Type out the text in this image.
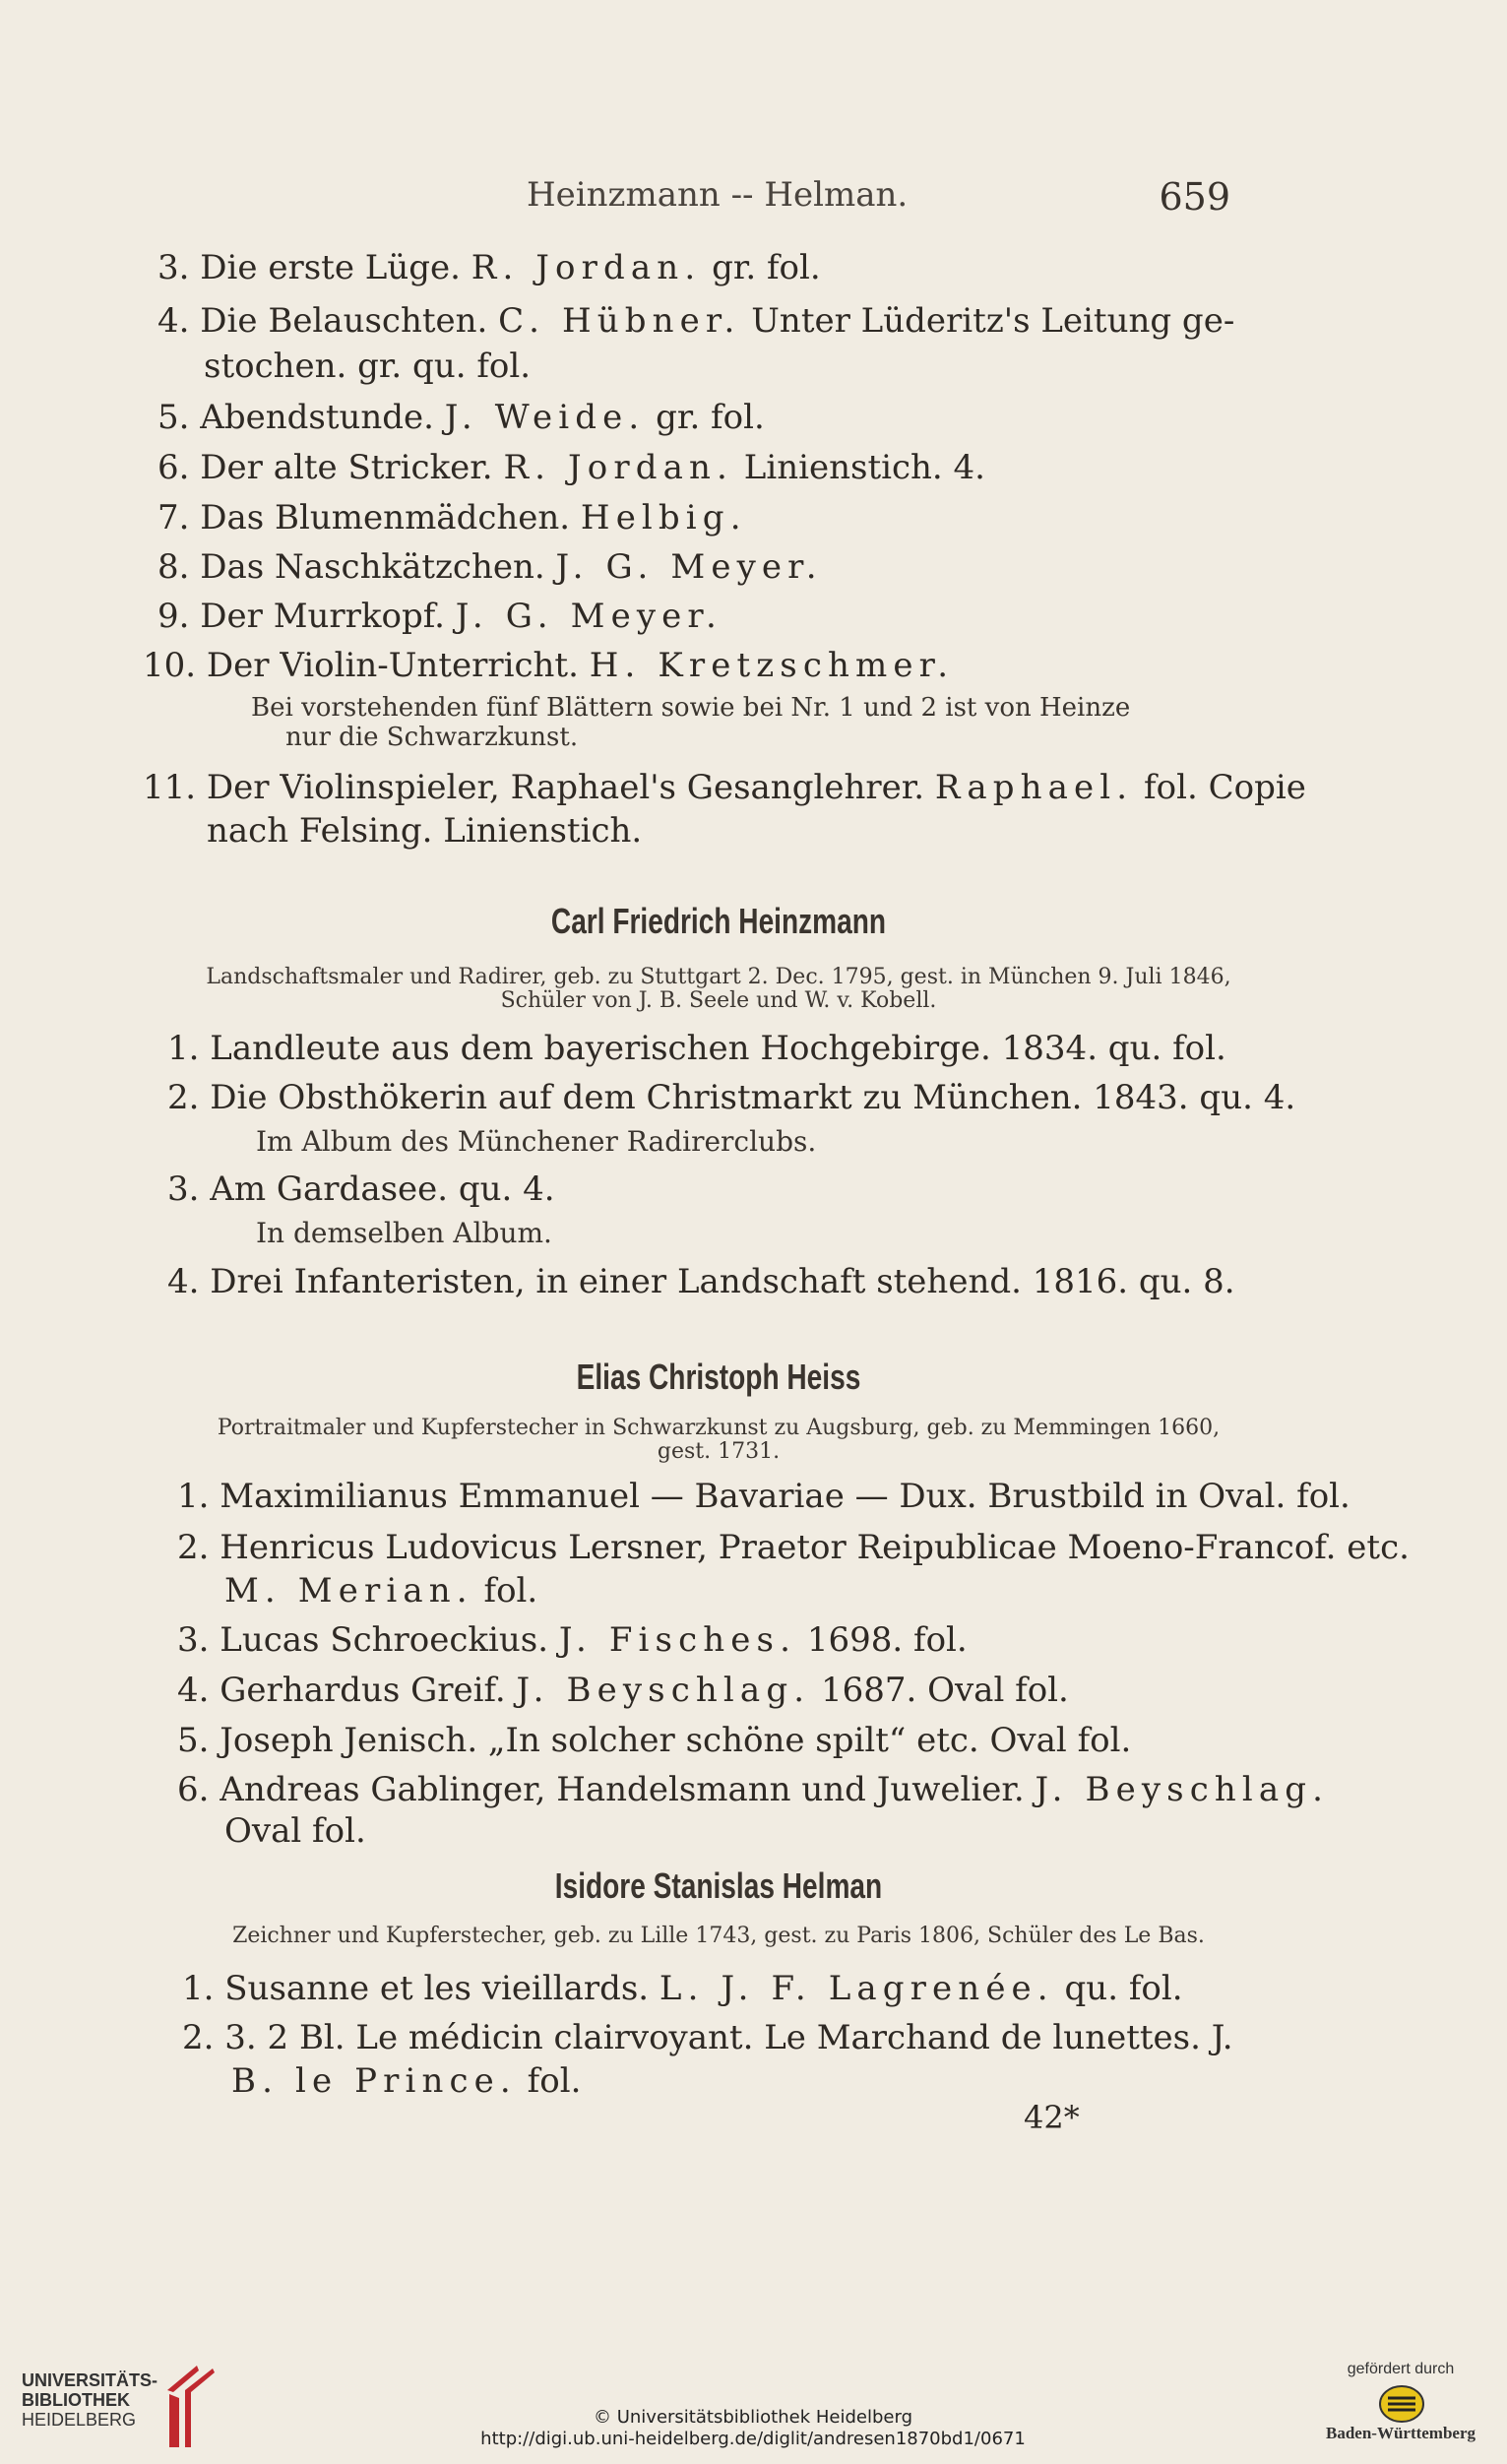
Heinzmann -- Helman.	659
3. Die erste Lüge. R. Jordan. gr. fol.
4. Die Belauschten. C. Hübner. Unter Lüderitz's Leitung ge-
stochen. gr. qu. fol.
5. Abendstunde. J. Weide. gr. fol.
6. Der alte Stricker. R. Jordan. Linienstich. 4.
7. Das Blumenmädchen. Helbig.
8. Das Naschkätzchen. J. G. Meyer.
9. Der Murrkopf. J. G. Meyer.
10. Der Violin-Unterricht. H. Kretzschmer.
Bei vorstehenden fünf Blättern sowie bei Nr. 1 und 2 ist von Heinze
nur die Schwarzkunst.
11. Der Violinspieler, Raphael's Gesanglehrer. Raphael. fol. Copie
nach Felsing. Linienstich.
Carl Friedrich Heinzmann
Landschaftsmaler und Radirer, geb. zu Stuttgart 2. Dec. 1795, gest. in München 9. Juli 1846,
Schüler von J. B. Seele und W. v. Kobell.
1. Landleute aus dem bayerischen Hochgebirge. 1834. qu. fol.
2. Die Obsthökerin auf dem Christmarkt zu München. 1843. qu. 4.
Im Album des Münchener Radirerclubs.
3. Am Gardasee. qu. 4.
In demselben Album.
4. Drei Infanteristen, in einer Landschaft stehend. 1816. qu. 8.
Elias Christoph Heiss
Portraitmaler und Kupferstecher in Schwarzkunst zu Augsburg, geb. zu Memmingen 1660,
gest. 1731.
1. Maximilianus Emmanuel — Bavariae — Dux. Brustbild in Oval. fol.
2. Henricus Ludovicus Lersner, Praetor Reipublicae Moeno-Francof. etc.
M. Merian. fol.
3. Lucas Schroeckius. J. Fisches. 1698. fol.
4. Gerhardus Greif. J. Beyschlag. 1687. Oval fol.
5. Joseph Jenisch. „In solcher schöne spilt“ etc. Oval fol.
6. Andreas Gablinger, Handelsmann und Juwelier. J. Beyschlag.
Oval fol.
Isidore Stanislas Helman
Zeichner und Kupferstecher, geb. zu Lille 1743, gest. zu Paris 1806, Schüler des Le Bas.
1. Susanne et les vieillards. L. J. F. Lagrenée. qu. fol.
2. 3. 2 Bl. Le médicin clairvoyant. Le Marchand de lunettes. J.
B. le Prince. fol.
42*
UNIVERSITÄTS-
BIBLIOTHEK
HEIDELBERG	© Universitätsbibliothek Heidelberg
http://digi.ub.uni-heidelberg.de/diglit/andresen1870bd1/0671
gefördert durch
Baden-Württemberg
